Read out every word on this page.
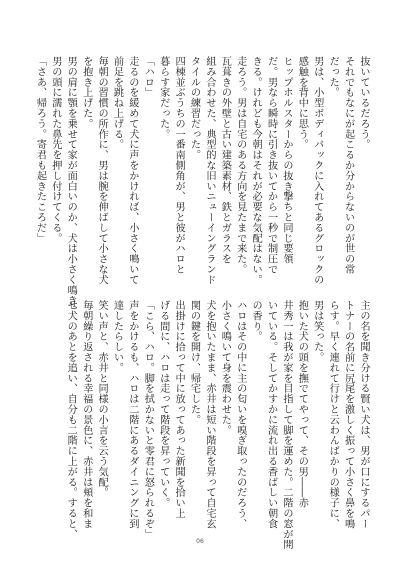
抜いているだろう。
それでもなにが起こるか分からないのが世の常
だった。
男は、小型ボディバックに入れてあるグロックの
感触を背中に思う。
ヒップホルスターからの抜き撃ちと同じ要領
だ。男なら瞬時に引き抜いてから一秒で制圧で
きる。けれども今朝はそれが必要な気配はない。
走ろう。男は自宅のある方向を見たまで来た。
瓦葺きの外壁と古い建築素材、鉄とガラスを
組み合わせた、典型的な旧いニューイングランド
タイルの練習だった。
四棟並ぶうちの一番南側角が、男と彼がハロと
暮らす家だった。
「ハロ」
走るのを緩めて犬に声をかければ、小さく鳴いて
前足を跳ね上げる。
毎朝の習慣の所作に、男は腕を伸ばして小さな犬
を抱き上げた。
男の肩に顎を乗せて家が面白いのか、犬は小さく鳴き、
男の頭に濡れた鼻先を押し付けてくる。
「さあ、帰ろう。寄君も起きたころだ」
主の名を聞き分ける賢い犬は、男が口にするパー
トナーの名前に尻尾を激しく振って小さく鼻を鳴
らす。早く連れて行けと云わんばかりの様子に、
男は笑った。
抱いた犬の頭を撫でてやって、その男――赤
井秀一は我が家を目指して脚を運めた。二階の窓が開
いている。そしてかすかに流れ出る香ばしい朝食
の香り。
ハロはその中に主の匂いを嗅ぎ取ったのだろう、
小さく鳴いて身を震わせた。
犬を抱いたまま、赤井は短い階段を昇って自宅玄
関の鍵を開け、帰宅した。
出掛けに拾って中に放ってあった新聞を拾い上
げる間に、ハロは走って階段を昇っていく。
「こら、ハロ。脚を拭かないと零君に怒られるぞ」
声をかけるも、ハロは二階にあるダイニングに到
達したらしい。
笑い声と、赤井と同様の小言を云う気配。
毎朝繰り返される幸福の景色に、赤井は頬を和ま
せ犬のあとを追い、自分も二階に上がる。すると、
06
